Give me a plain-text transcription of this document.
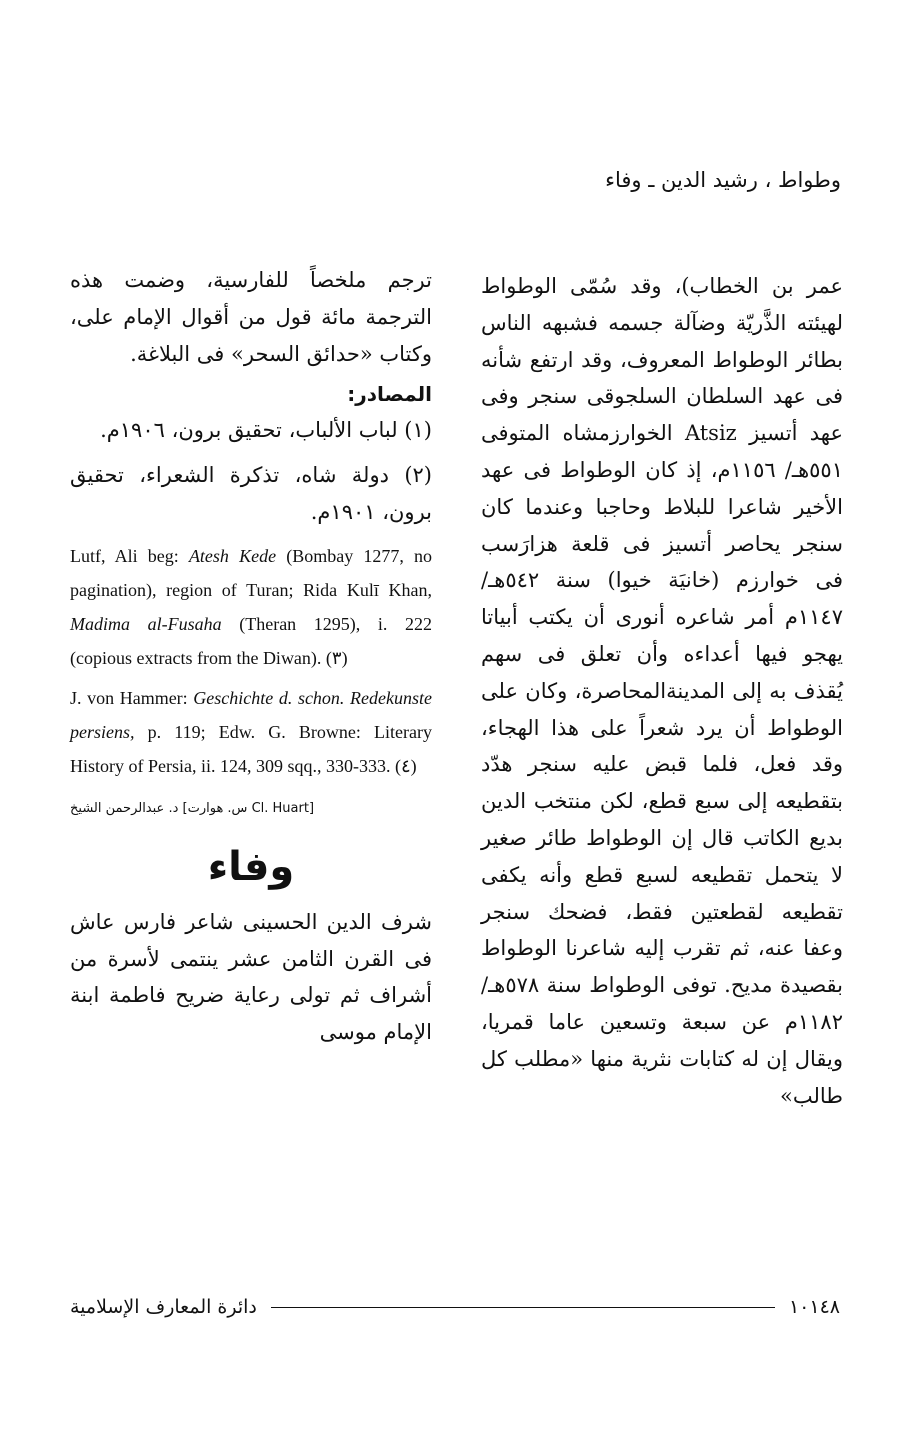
وطواط ، رشيد الدين ـ وفاء
عمر بن الخطاب)، وقد سُمّى الوطواط لهيئته الذَّريّة وضآلة جسمه فشبهه الناس بطائر الوطواط المعروف، وقد ارتفع شأنه فى عهد السلطان السلجوقى سنجر وفى عهد أتسيز Atsiz الخوارزمشاه المتوفى ٥٥١هـ/ ١١٥٦م، إذ كان الوطواط فى عهد الأخير شاعرا للبلاط وحاجبا وعندما كان سنجر يحاصر أتسيز فى قلعة هزارَسب فى خوارزم (خانيَة خيوا) سنة ٥٤٢هـ/ ١١٤٧م أمر شاعره أنورى أن يكتب أبياتا يهجو فيها أعداءه وأن تعلق فى سهم يُقذف به إلى المدينةالمحاصرة، وكان على الوطواط أن يرد شعراً على هذا الهجاء، وقد فعل، فلما قبض عليه سنجر هدّد بتقطيعه إلى سبع قطع، لكن منتخب الدين بديع الكاتب قال إن الوطواط طائر صغير لا يتحمل تقطيعه لسبع قطع وأنه يكفى تقطيعه لقطعتين فقط، فضحك سنجر وعفا عنه، ثم تقرب إليه شاعرنا الوطواط بقصيدة مديح. توفى الوطواط سنة ٥٧٨هـ/ ١١٨٢م عن سبعة وتسعين عاما قمريا، ويقال إن له كتابات نثرية منها «مطلب كل طالب»
ترجم ملخصاً للفارسية، وضمت هذه الترجمة مائة قول من أقوال الإمام على، وكتاب «حدائق السحر» فى البلاغة.
المصادر:
(١) لباب الألباب، تحقيق برون، ١٩٠٦م.
(٢) دولة شاه، تذكرة الشعراء، تحقيق برون، ١٩٠١م.
Lutf, Ali beg: Atesh Kede (Bombay 1277, no pagination), region of Turan; Rida Kulī Khan, Madima al-Fusaha (Theran 1295), i. 222 (copious extracts from the Diwan). (٣)
J. von Hammer: Geschichte d. schon. Redekunste persiens, p. 119; Edw. G. Browne: Literary History of Persia, ii. 124, 309 sqq., 330-333. (٤)
د. عبدالرحمن الشيخ [س. هوارت Cl. Huart]
وفاء
شرف الدين الحسينى شاعر فارس عاش فى القرن الثامن عشر ينتمى لأسرة من أشراف ثم تولى رعاية ضريح فاطمة ابنة الإمام موسى
دائرة المعارف الإسلامية	١٠١٤٨
